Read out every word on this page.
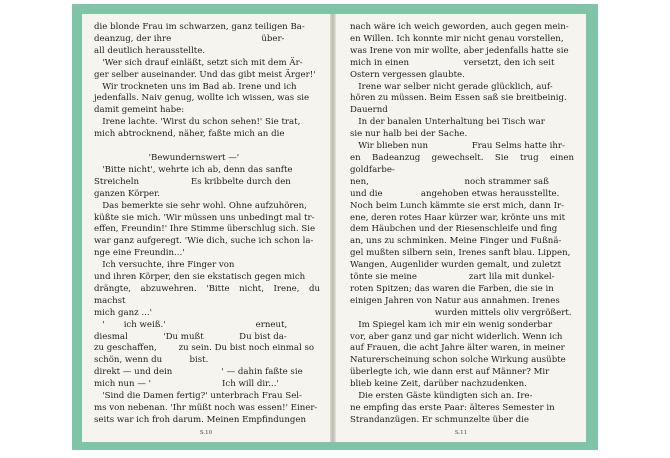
die blonde Frau im schwarzen, ganz teiligen Ba-

deanzug, der ihre                                 über-

all deutlich herausstellte.

'Wer sich drauf einläßt, setzt sich mit dem Är-

ger selber auseinander. Und das gibt meist Ärger!'

Wir trockneten uns im Bad ab. Irene und ich

jedenfalls. Naiv genug, wollte ich wissen, was sie

damit gemeint habe:

Irene lachte. 'Wirst du schon sehen!' Sie trat,

mich abtrocknend, näher, faßte mich an die

'Bewundernswert —'

'Bitte nicht', wehrte ich ab, denn das sanfte

Streicheln                   Es kribbelte durch den

ganzen Körper.

Das bemerkte sie sehr wohl. Ohne aufzuhören,

küßte sie mich. 'Wir müssen uns unbedingt mal tr-

effen, Freundin!' Ihre Stimme überschlug sich. Sie

war ganz aufgeregt. 'Wie dich, suche ich schon la-

nge eine Freundin...'

Ich versuchte, ihre Finger von

und ihren Körper, den sie ekstatisch gegen mich

drängte, abzuwehren. 'Bitte nicht, Irene, du machst

mich ganz ...'

'       ich weiß.'                                 erneut,

diesmal             'Du mußt             Du bist da-

zu geschaffen,        zu sein. Du bist noch einmal so

schön, wenn du          bist.

direkt — und dein                  ' — dahin faßte sie

mich nun — '                          Ich will dir...'

'Sind die Damen fertig?' unterbrach Frau Sel-

ms von nebenan. 'Ihr müßt noch was essen!' Einer-

seits war ich froh darum. Meinen Empfindungen

S.10

nach wäre ich weich geworden, auch gegen mein-

en Willen. Ich konnte mir nicht genau vorstellen,

was Irene von mir wollte, aber jedenfalls hatte sie

mich in einen                    versetzt, den ich seit

Ostern vergessen glaubte.

Irene war selber nicht gerade glücklich, auf-

hören zu müssen. Beim Essen saß sie breitbeinig.

Dauernd

In der banalen Unterhaltung bei Tisch war

sie nur halb bei der Sache.

Wir blieben nun                Frau Selms hatte ihr-

en Badeanzug gewechselt. Sie trug einen goldfarbe-

nen,                                   noch strammer saß

und die              angehoben etwas herausstellte.

Noch beim Lunch kämmte sie erst mich, dann Ir-

ene, deren rotes Haar kürzer war, krönte uns mit

dem Häubchen und der Riesenschleife und fing

an, uns zu schminken. Meine Finger und Fußnä-

gel mußten silbern sein, Irenes sanft blau. Lippen,

Wangen, Augenlider wurden gemalt, und zuletzt

tönte sie meine                   zart lila mit dunkel-

roten Spitzen; das waren die Farben, die sie in

einigen Jahren von Natur aus annahmen. Irenes

wurden mittels oliv vergrößert.

Im Spiegel kam ich mir ein wenig sonderbar

vor, aber ganz und gar nicht widerlich. Wenn ich

auf Frauen, die acht Jahre älter waren, in meiner

Naturerscheinung schon solche Wirkung ausübte

überlegte ich, wie dann erst auf Männer? Mir

blieb keine Zeit, darüber nachzudenken.

Die ersten Gäste kündigten sich an. Ire-

ne empfing das erste Paar: älteres Semester in

Strandanzügen. Er schmunzelte über die

S.11
